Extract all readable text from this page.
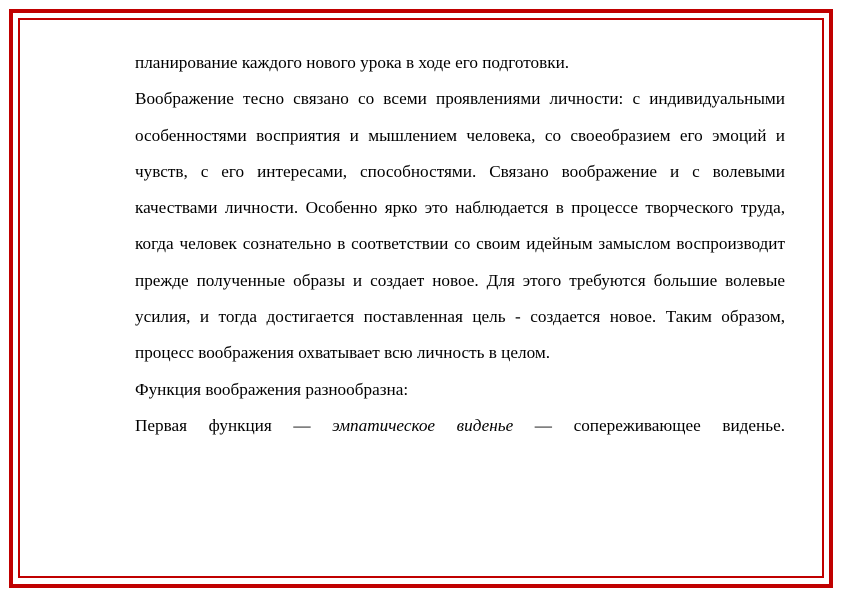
планирование каждого нового урока в ходе его подготовки.

Воображение тесно связано со всеми проявлениями личности: с индивидуальными особенностями восприятия и мышлением человека, со своеобразием его эмоций и чувств, с его интересами, способностями. Связано воображение и с волевыми качествами личности. Особенно ярко это наблюдается в процессе творческого труда, когда человек сознательно в соответствии со своим идейным замыслом воспроизводит прежде полученные образы и создает новое. Для этого требуются большие волевые усилия, и тогда достигается поставленная цель - создается новое. Таким образом, процесс воображения охватывает всю личность в целом.

Функция воображения разнообразна:

Первая функция — эмпатическое виденье — сопереживающее виденье.
